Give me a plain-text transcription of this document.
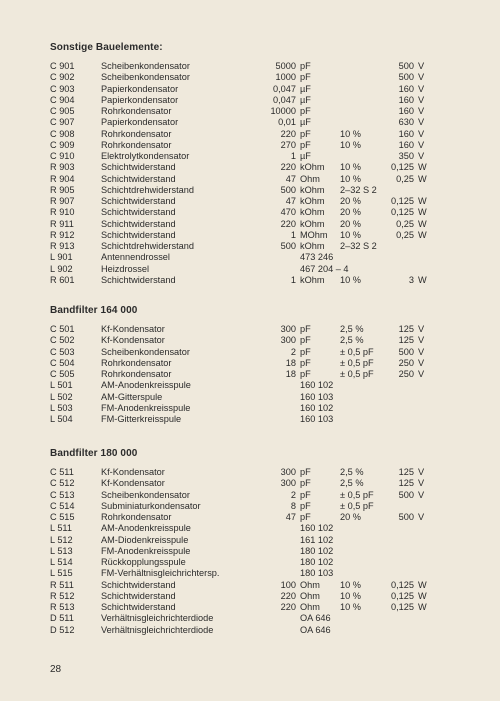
Sonstige Bauelemente:
C 901	Scheibenkondensator	5000 pF	500 V
C 902	Scheibenkondensator	1000 pF	500 V
C 903	Papierkondensator	0,047 µF	160 V
C 904	Papierkondensator	0,047 µF	160 V
C 905	Rohrkondensator	10000 pF	160 V
C 907	Papierkondensator	0,01 µF	630 V
C 908	Rohrkondensator	220 pF	10 %	160 V
C 909	Rohrkondensator	270 pF	10 %	160 V
C 910	Elektrolytkondensator	1 µF	350 V
R 903	Schichtwiderstand	220 kOhm 10 %	0,125 W
R 904	Schichtwiderstand	47 Ohm 10 %	0,25 W
R 905	Schichtdrehwiderstand	500 kOhm 2–32 S 2
R 907	Schichtwiderstand	47 kOhm 20 %	0,125 W
R 910	Schichtwiderstand	470 kOhm 20 %	0,125 W
R 911	Schichtwiderstand	220 kOhm 20 %	0,25 W
R 912	Schichtwiderstand	1 MOhm 10 %	0,25 W
R 913	Schichtdrehwiderstand	500 kOhm 2–32 S 2
L 901	Antennendrossel	473 246
L 902	Heizdrossel	467 204 – 4
R 601	Schichtwiderstand	1 kOhm 10 %	3 W
Bandfilter 164 000
C 501	Kf-Kondensator	300 pF	2,5 %	125 V
C 502	Kf-Kondensator	300 pF	2,5 %	125 V
C 503	Scheibenkondensator	2 pF	± 0,5 pF	500 V
C 504	Rohrkondensator	18 pF	± 0,5 pF	250 V
C 505	Rohrkondensator	18 pF	± 0,5 pF	250 V
L 501	AM-Anodenkreisspule	160 102
L 502	AM-Gitterspule	160 103
L 503	FM-Anodenkreisspule	160 102
L 504	FM-Gitterkreisspule	160 103
Bandfilter 180 000
C 511	Kf-Kondensator	300 pF	2,5 %	125 V
C 512	Kf-Kondensator	300 pF	2,5 %	125 V
C 513	Scheibenkondensator	2 pF	± 0,5 pF	500 V
C 514	Subminiaturkondensator	8 pF	± 0,5 pF
C 515	Rohrkondensator	47 pF	20 %	500 V
L 511	AM-Anodenkreisspule	160 102
L 512	AM-Diodenkreisspule	161 102
L 513	FM-Anodenkreisspule	180 102
L 514	Rückkopplungsspule	180 102
L 515	FM-Verhältnisgleichrichtersp.	180 103
R 511	Schichtwiderstand	100 Ohm 10 %	0,125 W
R 512	Schichtwiderstand	220 Ohm 10 %	0,125 W
R 513	Schichtwiderstand	220 Ohm 10 %	0,125 W
D 511	Verhältnisgleichrichterdiode	OA 646
D 512	Verhältnisgleichrichterdiode	OA 646
28
